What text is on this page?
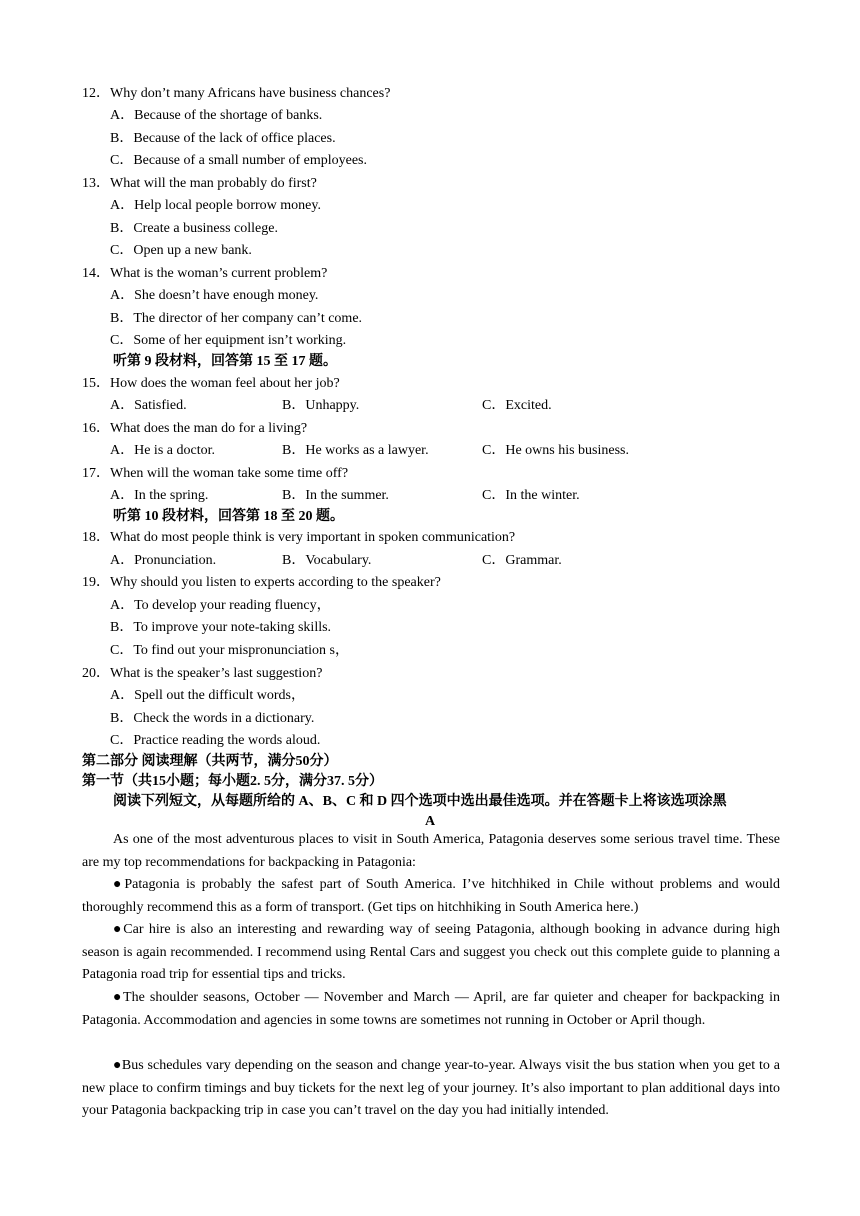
12．Why don’t many Africans have business chances?
A．Because of the shortage of banks.
B．Because of the lack of office places.
C．Because of a small number of employees.
13．What will the man probably do first?
A．Help local people borrow money.
B．Create a business college.
C．Open up a new bank.
14．What is the woman’s current problem?
A．She doesn’t have enough money.
B．The director of her company can’t come.
C．Some of her equipment isn’t working.
听第 9 段材料，回答第 15 至 17 题。
15．How does the woman feel about her job?
A．Satisfied.	B．Unhappy.	C．Excited.
16．What does the man do for a living?
A．He is a doctor.	B．He works as a lawyer.	C．He owns his business.
17．When will the woman take some time off?
A．In the spring.	B．In the summer.	C．In the winter.
听第 10 段材料，回答第 18 至 20 题。
18．What do most people think is very important in spoken communication?
A．Pronunciation.	B．Vocabulary.	C．Grammar.
19．Why should you listen to experts according to the speaker?
A．To develop your reading fluency，
B．To improve your note-taking skills.
C．To find out your mispronunciation s，
20．What is the speaker’s last suggestion?
A．Spell out the difficult words，
B．Check the words in a dictionary.
C．Practice reading the words aloud.
第二部分 阅读理解（共两节，满分50分）
第一节（共15小题；每小题2. 5分，满分37. 5分）
阅读下列短文，从每题所给的 A、B、C 和 D 四个选项中选出最佳选项。并在答题卡上将该选项涂黑
A
As one of the most adventurous places to visit in South America, Patagonia deserves some serious travel time. These are my top recommendations for backpacking in Patagonia:
●Patagonia is probably the safest part of South America. I’ve hitchhiked in Chile without problems and would thoroughly recommend this as a form of transport. (Get tips on hitchhiking in South America here.)
●Car hire is also an interesting and rewarding way of seeing Patagonia, although booking in advance during high season is again recommended. I recommend using Rental Cars and suggest you check out this complete guide to planning a Patagonia road trip for essential tips and tricks.
●The shoulder seasons, October — November and March — April, are far quieter and cheaper for backpacking in Patagonia. Accommodation and agencies in some towns are sometimes not running in October or April though.
●Bus schedules vary depending on the season and change year-to-year. Always visit the bus station when you get to a new place to confirm timings and buy tickets for the next leg of your journey. It’s also important to plan additional days into your Patagonia backpacking trip in case you can’t travel on the day you had initially intended.
